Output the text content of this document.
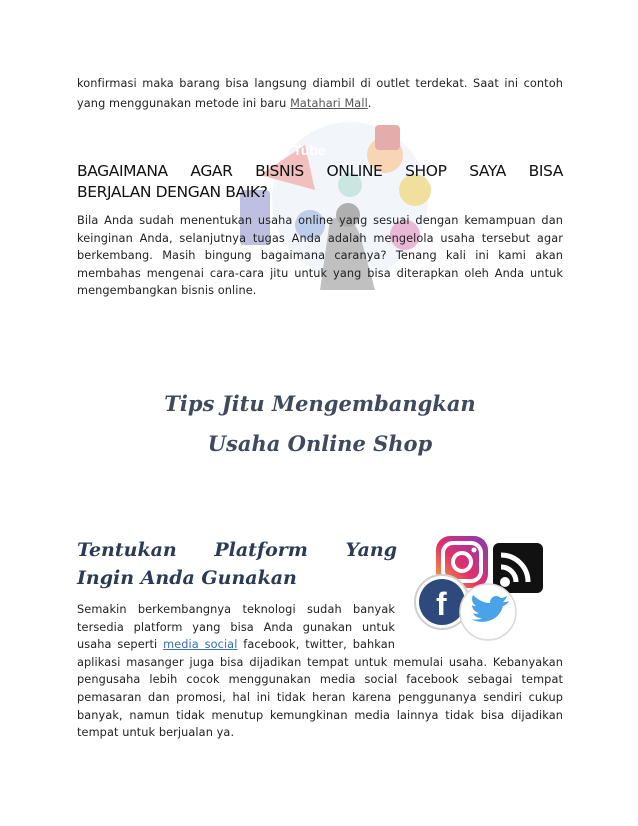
You Tube

konfirmasi maka barang bisa langsung diambil di outlet terdekat. Saat ini contoh yang menggunakan metode ini baru Matahari Mall.

BAGAIMANA AGAR BISNIS ONLINE SHOP SAYA BISA
BERJALAN DENGAN BAIK?

Bila Anda sudah menentukan usaha online yang sesuai dengan kemampuan dan keinginan Anda, selanjutnya tugas Anda adalah mengelola usaha tersebut agar berkembang. Masih bingung bagaimana caranya? Tenang kali ini kami akan membahas mengenai cara-cara jitu untuk yang bisa diterapkan oleh Anda untuk mengembangkan bisnis online.

Tips Jitu Mengembangkan
Usaha Online Shop
Tentukan Platform Yang
Ingin Anda Gunakan
f

Semakin berkembangnya teknologi sudah banyak tersedia platform yang bisa Anda gunakan untuk usaha seperti media social facebook, twitter, bahkan aplikasi masanger juga bisa dijadikan tempat untuk memulai usaha. Kebanyakan pengusaha lebih cocok menggunakan media social facebook sebagai tempat pemasaran dan promosi, hal ini tidak heran karena penggunanya sendiri cukup banyak, namun tidak menutup kemungkinan media lainnya tidak bisa dijadikan tempat untuk berjualan ya.
